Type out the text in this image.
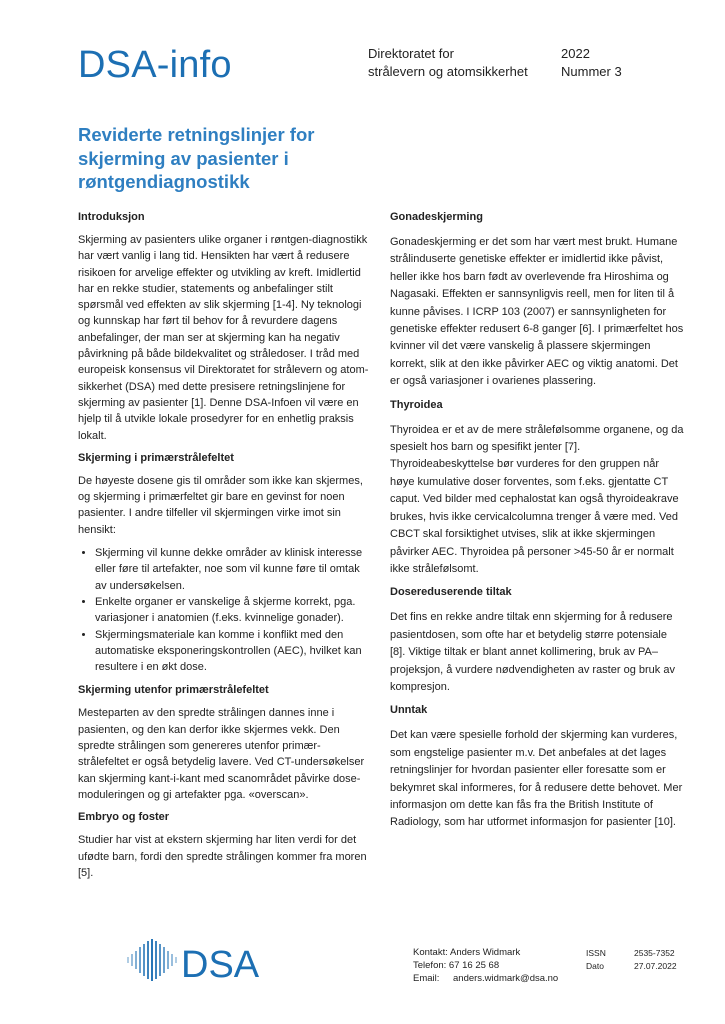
DSA-info	Direktoratet for
strålevern og atomsikkerhet
2022
Nummer 3
Reviderte retningslinjer for skjerming av pasienter i røntgendiagnostikk
Introduksjon

Skjerming av pasienters ulike organer i røntgen-diagnostikk har vært vanlig i lang tid. Hensikten har vært å redusere risikoen for arvelige effekter og utvikling av kreft. Imidlertid har en rekke studier, statements og anbefalinger stilt spørsmål ved effekten av slik skjerming [1-4]. Ny teknologi og kunnskap har ført til behov for å revurdere dagens anbefalinger, der man ser at skjerming kan ha negativ påvirkning på både bildekvalitet og stråledoser. I tråd med europeisk konsensus vil Direktoratet for strålevern og atom-sikkerhet (DSA) med dette presisere retningslinjene for skjerming av pasienter [1]. Denne DSA-Infoen vil være en hjelp til å utvikle lokale prosedyrer for en enhetlig praksis lokalt.

Skjerming i primærstrålefeltet

De høyeste dosene gis til områder som ikke kan skjermes, og skjerming i primærfeltet gir bare en gevinst for noen pasienter. I andre tilfeller vil skjermingen virke imot sin hensikt:

• Skjerming vil kunne dekke områder av klinisk interesse eller føre til artefakter, noe som vil kunne føre til omtak av undersøkelsen.
• Enkelte organer er vanskelige å skjerme korrekt, pga. variasjoner i anatomien (f.eks. kvinnelige gonader).
• Skjermingsmateriale kan komme i konflikt med den automatiske eksponeringskontrollen (AEC), hvilket kan resultere i en økt dose.
Skjerming utenfor primærstrålefeltet

Mesteparten av den spredte strålingen dannes inne i pasienten, og den kan derfor ikke skjermes vekk. Den spredte strålingen som genereres utenfor primær-strålefeltet er også betydelig lavere. Ved CT-undersøkelser kan skjerming kant-i-kant med scanområdet påvirke dose-moduleringen og gi artefakter pga. «overscan».

Embryo og foster

Studier har vist at ekstern skjerming har liten verdi for det ufødte barn, fordi den spredte strålingen kommer fra moren [5].

Gonadeskjerming

Gonadeskjerming er det som har vært mest brukt. Humane strålinduserte genetiske effekter er imidlertid ikke påvist, heller ikke hos barn født av overlevende fra Hiroshima og Nagasaki. Effekten er sannsynligvis reell, men for liten til å kunne påvises. I ICRP 103 (2007) er sannsynligheten for genetiske effekter redusert 6-8 ganger [6]. I primærfeltet hos kvinner vil det være vanskelig å plassere skjermingen korrekt, slik at den ikke påvirker AEC og viktig anatomi. Det er også variasjoner i ovarienes plassering.

Thyroidea

Thyroidea er et av de mere strålefølsomme organene, og da spesielt hos barn og spesifikt jenter [7]. Thyroideabeskyttelse bør vurderes for den gruppen når høye kumulative doser forventes, som f.eks. gjentatte CT caput. Ved bilder med cephalostat kan også thyroideakrave brukes, hvis ikke cervicalcolumna trenger å være med. Ved CBCT skal forsiktighet utvises, slik at ikke skjermingen påvirker AEC. Thyroidea på personer >45-50 år er normalt ikke strålefølsomt.

Dosereduserende tiltak

Det fins en rekke andre tiltak enn skjerming for å redusere pasientdosen, som ofte har et betydelig større potensiale [8]. Viktige tiltak er blant annet kollimering, bruk av PA–projeksjon, å vurdere nødvendigheten av raster og bruk av kompresjon.

Unntak

Det kan være spesielle forhold der skjerming kan vurderes, som engstelige pasienter m.v. Det anbefales at det lages retningslinjer for hvordan pasienter eller foresatte som er bekymret skal informeres, for å redusere dette behovet. Mer informasjon om dette kan fås fra the British Institute of Radiology, som har utformet informasjon for pasienter [10].

DSA	Kontakt: Anders Widmark
Telefon: 67 16 25 68
Email: anders.widmark@dsa.no
ISSN	2535-7352
Dato	27.07.2022
